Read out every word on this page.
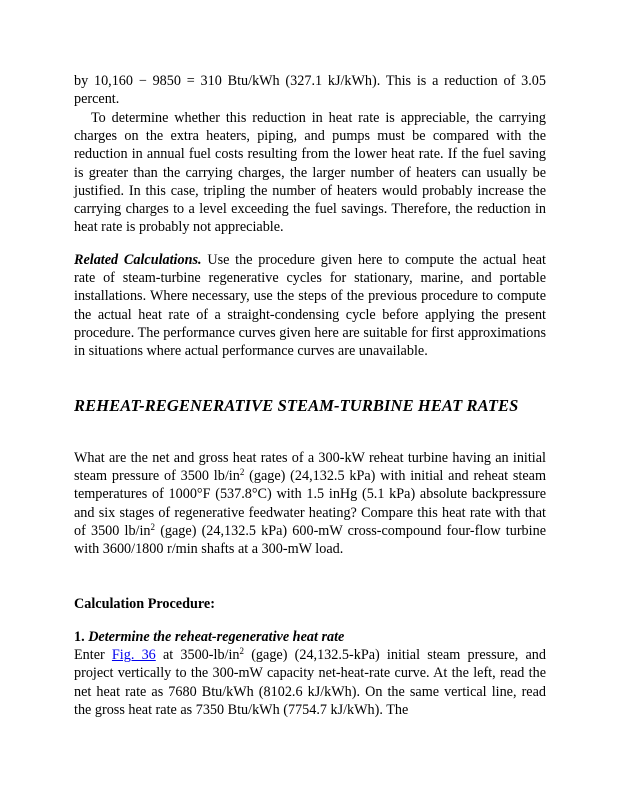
by 10,160 − 9850 = 310 Btu/kWh (327.1 kJ/kWh). This is a reduction of 3.05 percent.

To determine whether this reduction in heat rate is appreciable, the carrying charges on the extra heaters, piping, and pumps must be compared with the reduction in annual fuel costs resulting from the lower heat rate. If the fuel saving is greater than the carrying charges, the larger number of heaters can usually be justified. In this case, tripling the number of heaters would probably increase the carrying charges to a level exceeding the fuel savings. Therefore, the reduction in heat rate is probably not appreciable.

Related Calculations. Use the procedure given here to compute the actual heat rate of steam-turbine regenerative cycles for stationary, marine, and portable installations. Where necessary, use the steps of the previous procedure to compute the actual heat rate of a straight-condensing cycle before applying the present procedure. The performance curves given here are suitable for first approximations in situations where actual performance curves are unavailable.

REHEAT-REGENERATIVE STEAM-TURBINE HEAT RATES

What are the net and gross heat rates of a 300-kW reheat turbine having an initial steam pressure of 3500 $lb/in^2$ (gage) (24,132.5 kPa) with initial and reheat steam temperatures of 1000°F (537.8°C) with 1.5 inHg (5.1 kPa) absolute backpressure and six stages of regenerative feedwater heating? Compare this heat rate with that of 3500 $lb/in^2$ (gage) (24,132.5 kPa) 600-mW cross-compound four-flow turbine with 3600/1800 r/min shafts at a 300-mW load.

Calculation Procedure:

1. Determine the reheat-regenerative heat rate

Enter Fig. 36 at $3500-lb/in^2$ (gage) (24,132.5-kPa) initial steam pressure, and project vertically to the 300-mW capacity net-heat-rate curve. At the left, read the net heat rate as 7680 Btu/kWh (8102.6 kJ/kWh). On the same vertical line, read the gross heat rate as 7350 Btu/kWh (7754.7 kJ/kWh). The
